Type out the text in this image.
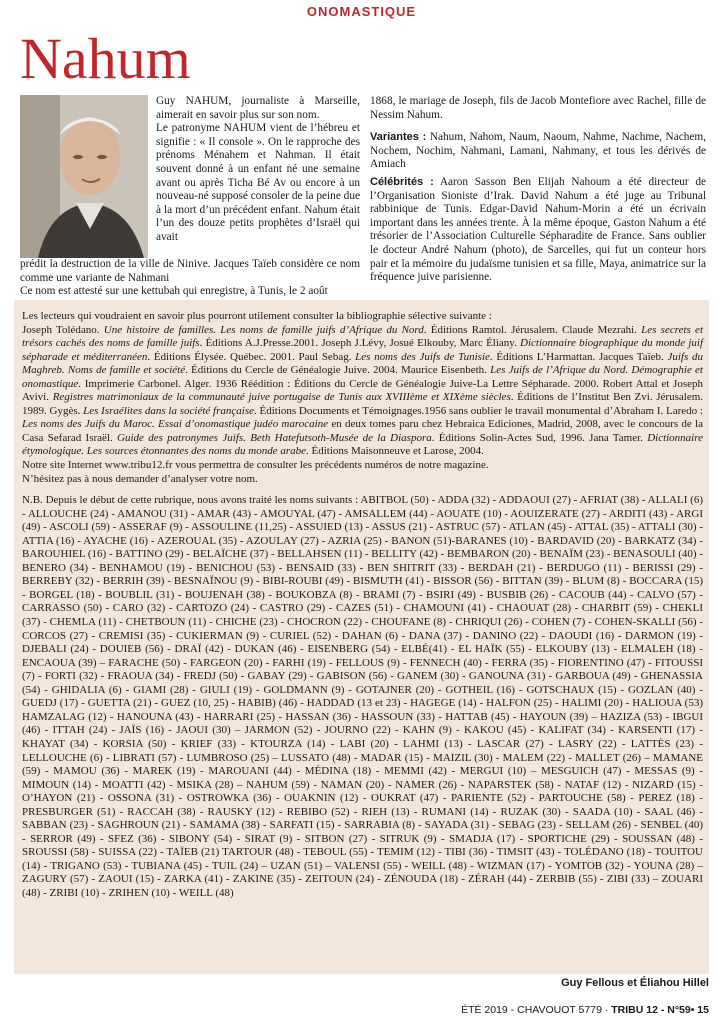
ONOMASTIQUE
Nahum

Guy NAHUM, journaliste à Marseille, aimerait en savoir plus sur son nom.

Le patronyme NAHUM vient de l’hébreu et signifie : « Il console ». On le rapproche des prénoms Ménahem et Nahman. Il était souvent donné à un enfant né une semaine avant ou après Ticha Bé Av ou encore à un nouveau-né supposé consoler de la peine due à la mort d’un précédent enfant. Nahum était l’un des douze petits prophètes d’Israël qui avait

prédit la destruction de la ville de Ninive. Jacques Taïeb considère ce nom comme une variante de Nahmani
Ce nom est attesté sur une kettubah qui enregistre, à Tunis, le 2 août

1868, le mariage de Joseph, fils de Jacob Montefiore avec Rachel, fille de Nessim Nahum.

Variantes : Nahum, Nahom, Naum, Naoum, Nahme, Nachme, Nachem, Nochem, Nochim, Nahmani, Lamani, Nahmany, et tous les dérivés de Amiach

Célébrités : Aaron Sasson Ben Elijah Nahoum a été directeur de l’Organisation Sioniste d’Irak. David Nahum a été juge au Tribunal rabbinique de Tunis. Edgar-David Nahum-Morin a été un écrivain important dans les années trente. À la même époque, Gaston Nahum a été trésorier de l’Association Culturelle Sépharadite de France. Sans oublier le docteur André Nahum (photo), de Sarcelles, qui fut un conteur hors pair et la mémoire du judaïsme tunisien et sa fille, Maya, animatrice sur la fréquence juive parisienne.

Les lecteurs qui voudraient en savoir plus pourront utilement consulter la bibliographie sélective suivante :

Joseph Tolédano. Une histoire de familles. Les noms de famille juifs d’Afrique du Nord. Éditions Ramtol. Jérusalem. Claude Mezrahi. Les secrets et trésors cachés des noms de famille juifs. Éditions A.J.Presse.2001. Joseph J.Lévy, Josué Elkouby, Marc Éliany. Dictionnaire biographique du monde juif sépharade et méditerranéen. Éditions Élysée. Québec. 2001. Paul Sebag. Les noms des Juifs de Tunisie. Éditions L’Harmattan. Jacques Taïeb. Juifs du Maghreb. Noms de famille et société. Éditions du Cercle de Généalogie Juive. 2004. Maurice Eisenbeth. Les Juifs de l’Afrique du Nord. Démographie et onomastique. Imprimerie Carbonel. Alger. 1936 Réédition : Éditions du Cercle de Généalogie Juive-La Lettre Sépharade. 2000. Robert Attal et Joseph Avivi. Registres matrimoniaux de la communauté juive portugaise de Tunis aux XVIIIème et XIXème siècles. Éditions de l’Institut Ben Zvi. Jérusalem. 1989. Gygès. Les Israélites dans la société française. Éditions Documents et Témoignages.1956 sans oublier le travail monumental d’Abraham I. Laredo : Les noms des Juifs du Maroc. Essai d’onomastique judéo marocaine en deux tomes paru chez Hebraica Ediciones, Madrid, 2008, avec le concours de la Casa Sefarad Israël. Guide des patronymes Juifs. Beth Hatefutsoth-Musée de la Diaspora. Éditions Solin-Actes Sud, 1996. Jana Tamer. Dictionnaire étymologique. Les sources étonnantes des noms du monde arabe. Éditions Maisonneuve et Larose, 2004.

Notre site Internet www.tribu12.fr vous permettra de consulter les précédents numéros de notre magazine.

N’hésitez pas à nous demander d’analyser votre nom.

N.B. Depuis le début de cette rubrique, nous avons traité les noms suivants : ABITBOL (50) - ADDA (32) - ADDAOUI (27) - AFRIAT (38) - ALLALI (6) - ALLOUCHE (24) - AMANOU (31) - AMAR (43) - AMOUYAL (47) - AMSALLEM (44) - AOUATE (10) - AOUIZERATE (27) - ARDITI (43) - ARGI (49) - ASCOLI (59) - ASSERAF (9) - ASSOULINE (11,25) - ASSUIED (13) - ASSUS (21) - ASTRUC (57) - ATLAN (45) - ATTAL (35) - ATTALI (30) - ATTIA (16) - AYACHE (16) - AZEROUAL (35) - AZOULAY (27) - AZRIA (25) - BANON (51)-BARANES (10) - BARDAVID (20) - BARKATZ (34) - BAROUHIEL (16) - BATTINO (29) - BELAÏCHE (37) - BELLAHSEN (11) - BELLITY (42) - BEMBARON (20) - BENAÏM (23) - BENASOULI (40) - BENERO (34) - BENHAMOU (19) - BENICHOU (53) - BENSAID (33) - BEN SHITRIT (33) - BERDAH (21) - BERDUGO (11) - BERISSI (29) - BERREBY (32) - BERRIH (39) - BESNAÏNOU (9) - BIBI-ROUBI (49) - BISMUTH (41) - BISSOR (56) - BITTAN (39) - BLUM (8) - BOCCARA (15) - BORGEL (18) - BOUBLIL (31) - BOUJENAH (38) - BOUKOBZA (8) - BRAMI (7) - BSIRI (49) - BUSBIB (26) - CACOUB (44) - CALVO (57) - CARRASSO (50) - CARO (32) - CARTOZO (24) - CASTRO (29) - CAZES (51) - CHAMOUNI (41) - CHAOUAT (28) - CHARBIT (59) - CHEKLI (37) - CHEMLA (11) - CHETBOUN (11) - CHICHE (23) - CHOCRON (22) - CHOUFANE (8) - CHRIQUI (26) - COHEN (7) - COHEN-SKALLI (56) - CORCOS (27) - CREMISI (35) - CUKIERMAN (9) - CURIEL (52) - DAHAN (6) - DANA (37) - DANINO (22) - DAOUDI (16) - DARMON (19) - DJEBALI (24) - DOUIEB (56) - DRAÏ (42) - DUKAN (46) - EISENBERG (54) - ELBÉ(41) - EL HAÏK (55) - ELKOUBY (13) - ELMALEH (18) - ENCAOUA (39) – FARACHE (50) - FARGEON (20) - FARHI (19) - FELLOUS (9) - FENNECH (40) - FERRA (35) - FIORENTINO (47) - FITOUSSI (7) - FORTI (32) - FRAOUA (34) - FREDJ (50) - GABAY (29) - GABISON (56) - GANEM (30) - GANOUNA (31) - GARBOUA (49) - GHENASSIA (54) - GHIDALIA (6) - GIAMI (28) - GIULI (19) - GOLDMANN (9) - GOTAJNER (20) - GOTHEIL (16) - GOTSCHAUX (15) - GOZLAN (40) - GUEDJ (17) - GUETTA (21) - GUEZ (10, 25) - HABIB) (46) - HADDAD (13 et 23) - HAGEGE (14) - HALFON (25) - HALIMI (20) - HALIOUA (53) HAMZALAG (12) - HANOUNA (43) - HARRARI (25) - HASSAN (36) - HASSOUN (33) - HATTAB (45) - HAYOUN (39) – HAZIZA (53) - IBGUI (46) - ITTAH (24) - JAÏS (16) - JAOUI (30) – JARMON (52) - JOURNO (22) - KAHN (9) - KAKOU (45) - KALIFAT (34) - KARSENTI (17) - KHAYAT (34) - KORSIA (50) - KRIEF (33) - KTOURZA (14) - LABI (20) - LAHMI (13) - LASCAR (27) - LASRY (22) - LATTÈS (23) - LELLOUCHE (6) - LIBRATI (57) - LUMBROSO (25) – LUSSATO (48) - MADAR (15) - MAIZIL (30) - MALEM (22) - MALLET (26) – MAMANE (59) - MAMOU (36) - MAREK (19) - MAROUANI (44) - MÉDINA (18) - MEMMI (42) - MERGUI (10) – MESGUICH (47) - MESSAS (9) - MIMOUN (14) - MOATTI (42) - MSIKA (28) – NAHUM (59) - NAMAN (20) - NAMER (26) - NAPARSTEK (58) - NATAF (12) - NIZARD (15) - O’HAYON (21) - OSSONA (31) - OSTROWKA (36) - OUAKNIN (12) - OUKRAT (47) - PARIENTE (52) - PARTOUCHE (58) - PEREZ (18) - PRESBURGER (51) - RACCAH (38) - RAUSKY (12) - REBIBO (52) - RIEH (13) - RUMANI (14) - RUZAK (30) - SAADA (10) - SAAL (46) - SABBAN (23) - SAGHROUN (21) - SAMAMA (38) - SARFATI (15) - SARRABIA (8) - SAYADA (31) - SEBAG (23) - SELLAM (26) - SENBEL (40) - SERROR (49) - SFEZ (36) - SIBONY (54) - SIRAT (9) - SITBON (27) - SITRUK (9) - SMADJA (17) - SPORTICHE (29) - SOUSSAN (48) - SROUSSI (58) - SUISSA (22) - TAÏEB (21) TARTOUR (48) - TEBOUL (55) - TEMIM (12) - TIBI (36) - TIMSIT (43) - TOLÉDANO (18) - TOUITOU (14) - TRIGANO (53) - TUBIANA (45) - TUIL (24) – UZAN (51) – VALENSI (55) - WEILL (48) - WIZMAN (17) - YOMTOB (32) - YOUNA (28) – ZAGURY (57) - ZAOUI (15) - ZARKA (41) - ZAKINE (35) - ZEITOUN (24) - ZÉNOUDA (18) - ZÉRAH (44) - ZERBIB (55) - ZIBI (33) – ZOUARI (48) - ZRIBI (10) - ZRIHEN (10) - WEILL (48)

Guy Fellous et Éliahou Hillel
ÉTÉ 2019 - CHAVOUOT 5779 · TRIBU 12 - N°59• 15
